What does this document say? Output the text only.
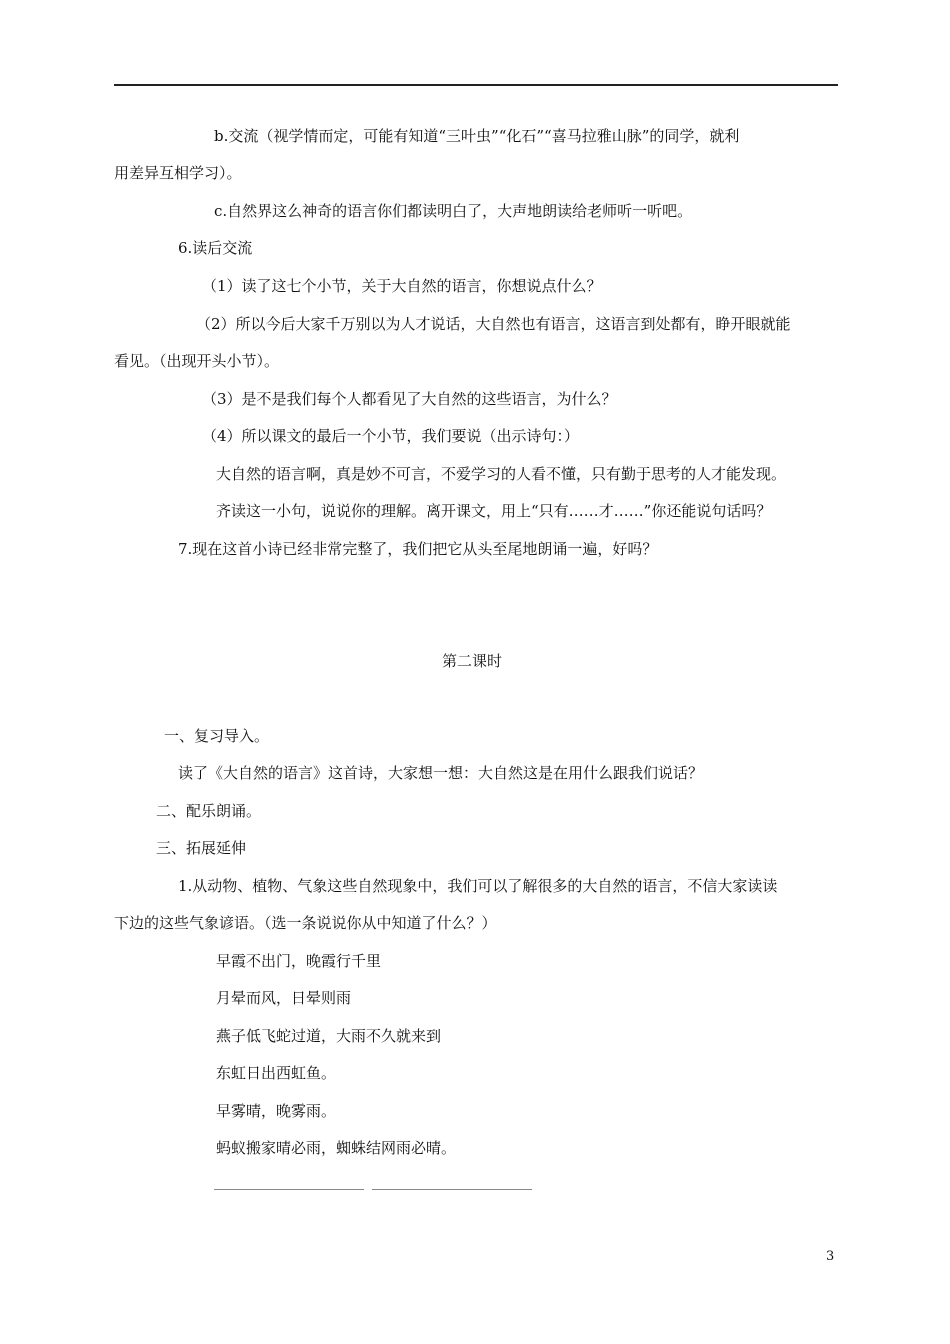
b.交流（视学情而定，可能有知道“三叶虫”“化石”“喜马拉雅山脉”的同学，就利
用差异互相学习）。
c.自然界这么神奇的语言你们都读明白了，大声地朗读给老师听一听吧。
6.读后交流
（1）读了这七个小节，关于大自然的语言，你想说点什么？
（2）所以今后大家千万别以为人才说话，大自然也有语言，这语言到处都有，睁开眼就能
看见。（出现开头小节）。
（3）是不是我们每个人都看见了大自然的这些语言，为什么？
（4）所以课文的最后一个小节，我们要说（出示诗句：）
大自然的语言啊，真是妙不可言，不爱学习的人看不懂，只有勤于思考的人才能发现。
齐读这一小句，说说你的理解。离开课文，用上“只有……才……”你还能说句话吗？
7.现在这首小诗已经非常完整了，我们把它从头至尾地朗诵一遍，好吗？
第二课时
一、复习导入。
读了《大自然的语言》这首诗，大家想一想：大自然这是在用什么跟我们说话？
二、配乐朗诵。
三、拓展延伸
1.从动物、植物、气象这些自然现象中，我们可以了解很多的大自然的语言，不信大家读读
下边的这些气象谚语。（选一条说说你从中知道了什么？）
早霞不出门，晚霞行千里
月晕而风，日晕则雨
燕子低飞蛇过道，大雨不久就来到
东虹日出西虹鱼。
早雾晴，晚雾雨。
蚂蚁搬家晴必雨，蜘蛛结网雨必晴。
3
